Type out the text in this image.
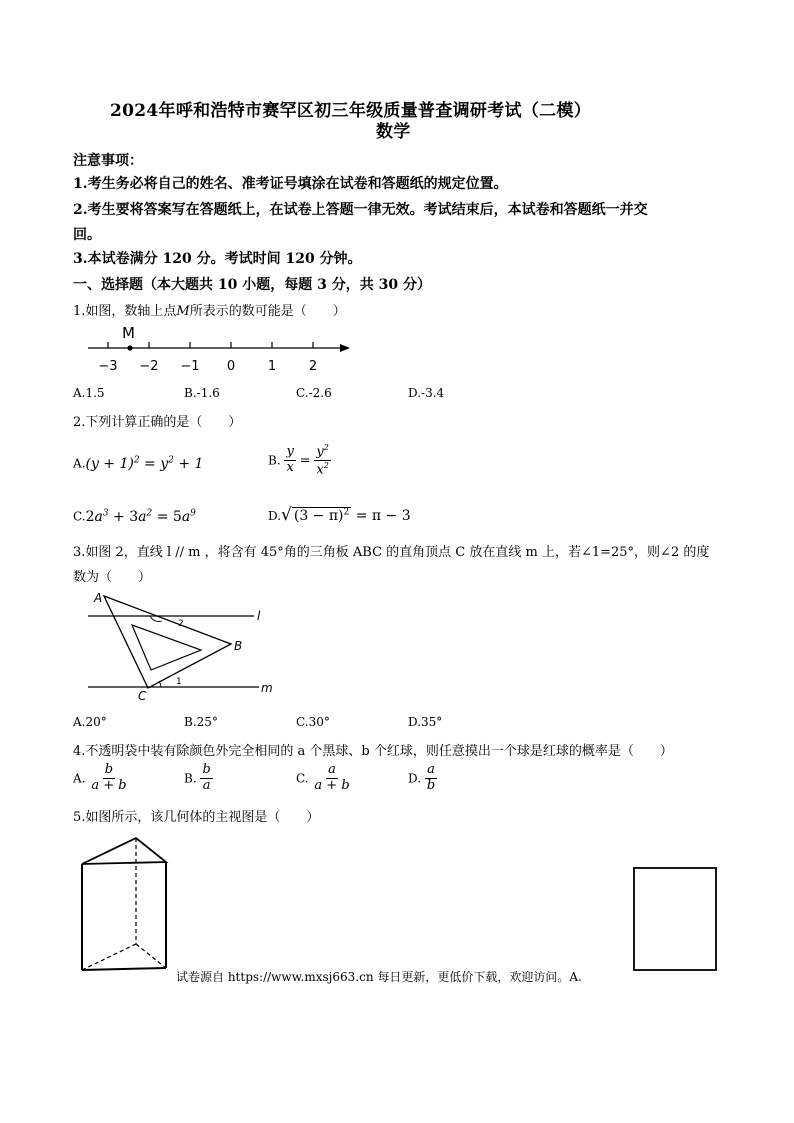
2024年呼和浩特市赛罕区初三年级质量普查调研考试（二模）
数学
注意事项：
1.考生务必将自己的姓名、准考证号填涂在试卷和答题纸的规定位置。
2.考生要将答案写在答题纸上，在试卷上答题一律无效。考试结束后，本试卷和答题纸一并交
回。
3.本试卷满分 120 分。考试时间 120 分钟。
一、选择题（本大题共 10 小题，每题 3 分，共 30 分）
1.如图，数轴上点M所表示的数可能是（　　）
M
−3 −2 −1 0	1	2
A.1.5	B.-1.6	C.-2.6	D.-3.4
2.下列计算正确的是（　　）
$A.(y + 1)^2 = y^2 + 1$	B. $\frac{y}{x} = \frac{y^2}{x^2}$
$C.2a^3 + 3a^2 = 5a^9$	D.√ $(3 - \pi)^2 = \pi - 3$
3.如图 2，直线 l // m ，将含有 45°角的三角板 ABC 的直角顶点 C 放在直线 m 上，若∠1=25°，则∠2 的度
数为（　　）
A
B
C
l
m
1
2
A.20°	B.25°	C.30°	D.35°
4.不透明袋中装有除颜色外完全相同的 a 个黑球、b 个红球，则任意摸出一个球是红球的概率是（　　）
A. $\frac{b}{a + b}$	B. $\frac{b}{a}$	C. $\frac{a}{a + b}$	D. $\frac{a}{b}$
5.如图所示，该几何体的主视图是（　　）
试卷源自 https://www.mxsj663.cn 每日更新，更低价下载，欢迎访问。A.
